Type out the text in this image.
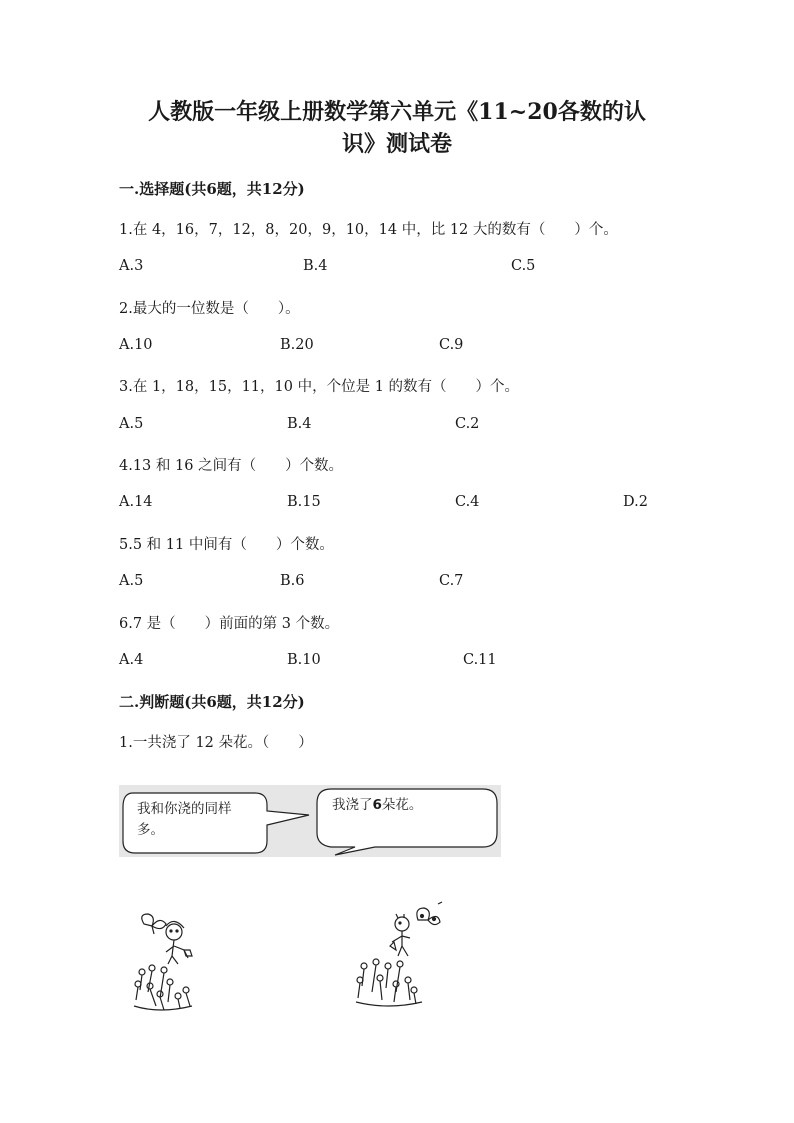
人教版一年级上册数学第六单元《11~20各数的认
识》测试卷
一.选择题(共6题，共12分)
1.在 4，16，7，12，8，20，9，10，14 中，比 12 大的数有（　　）个。
A.3	B.4	C.5
2.最大的一位数是（　　）。
A.10	B.20	C.9
3.在 1，18，15，11，10 中，个位是 1 的数有（　　）个。
A.5	B.4	C.2
4.13 和 16 之间有（　　）个数。
A.14	B.15	C.4	D.2
5.5 和 11 中间有（　　）个数。
A.5	B.6	C.7
6.7 是（　　）前面的第 3 个数。
A.4	B.10	C.11
二.判断题(共6题，共12分)
1.一共浇了 12 朵花。（　　）
我和你浇的同样
多。
我浇了6朵花。
